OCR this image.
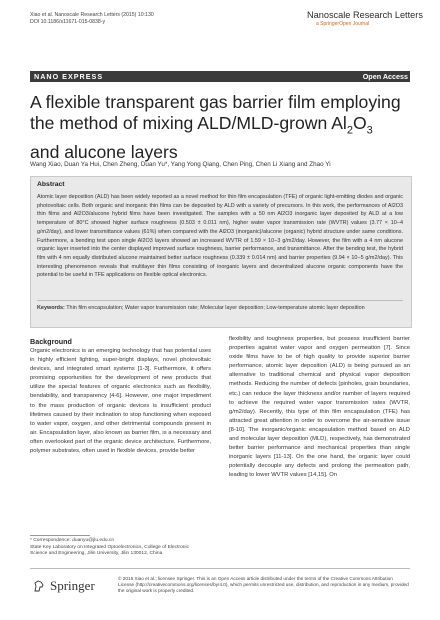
Xiao et al. Nanoscale Research Letters (2015) 10:130
DOI 10.1186/s11671-015-0838-y
Nanoscale Research Letters
a SpringerOpen Journal
NANO EXPRESS	Open Access
A flexible transparent gas barrier film employing
the method of mixing ALD/MLD-grown $Al_2O_3$
and alucone layers
Wang Xiao, Duan Ya Hui, Chen Zheng, Duan Yu*, Yang Yong Qiang, Chen Ping, Chen Li Xiang and Zhao Yi
Abstract
Atomic layer deposition (ALD) has been widely reported as a novel method for thin film encapsulation (TFE) of organic light-emitting diodes and organic photovoltaic cells. Both organic and inorganic thin films can be deposited by ALD with a variety of precursors. In this work, the performances of Al2O3 thin films and Al2O3/alucone hybrid films have been investigated. The samples with a 50 nm Al2O3 inorganic layer deposited by ALD at a low temperature of 80°C showed higher surface roughness (0.503 ± 0.011 nm), higher water vapor transmission rate (WVTR) values (3.77 × 10−4 g/m2/day), and lower transmittance values (61%) when compared with the Al2O3 (inorganic)/alucone (organic) hybrid structure under same conditions. Furthermore, a bending test upon single Al2O3 layers showed an increased WVTR of 1.59 × 10−3 g/m2/day. However, the film with a 4 nm alucone organic layer inserted into the center displayed improved surface roughness, barrier performance, and transmittance. After the bending test, the hybrid film with 4 nm equally distributed alucone maintained better surface roughness (0.339 ± 0.014 nm) and barrier properties (9.94 × 10−5 g/m2/day). This interesting phenomenon reveals that multilayer thin films consisting of inorganic layers and decentralized alucone organic components have the potential to be useful in TFE applications on flexible optical electronics.
Keywords: Thin film encapsulation; Water vapor transmission rate; Molecular layer deposition; Low-temperature atomic layer deposition
Background
Organic electronics is an emerging technology that has potential uses in highly efficient lighting, super-bright displays, novel photovoltaic devices, and integrated smart systems [1-3]. Furthermore, it offers promising opportunities for the development of new products that utilize the special features of organic electronics such as flexibility, bendability, and transparency [4-6]. However, one major impediment to the mass production of organic devices is insufficient product lifetimes caused by their inclination to stop functioning when exposed to water vapor, oxygen, and other detrimental compounds present in air. Encapsulation layer, also known as barrier film, is a necessary and often overlooked part of the organic device architecture. Furthermore, polymer substrates, often used in flexible devices, provide better
flexibility and toughness properties, but possess insufficient barrier properties against water vapor and oxygen permeation [7]. Since oxide films have to be of high quality to provide superior barrier performance, atomic layer deposition (ALD) is being pursued as an alternative to traditional chemical and physical vapor deposition methods. Reducing the number of defects (pinholes, grain boundaries, etc.) can reduce the layer thickness and/or number of layers required to achieve the required water vapor transmission rates (WVTR, g/m2/day). Recently, this type of thin film encapsulation (TFE) has attracted great attention in order to overcome the air-sensitive issue [8-10]. The inorganic/organic encapsulation method based on ALD and molecular layer deposition (MLD), respectively, has demonstrated better barrier performance and mechanical properties than single inorganic layers [11-13]. On the one hand, the organic layer could potentially decouple any defects and prolong the permeation path, leading to lower WVTR values [14,15]. On
* Correspondence: duanyu@jlu.edu.cn
State Key Laboratory on Integrated Optoelectronics, College of Electronic
Science and Engineering, Jilin University, Jilin 130012, China
Springer	© 2015 Xiao et al.; licensee Springer. This is an Open Access article distributed under the terms of the Creative Commons Attribution License (http://creativecommons.org/licenses/by/4.0), which permits unrestricted use, distribution, and reproduction in any medium, provided the original work is properly credited.
